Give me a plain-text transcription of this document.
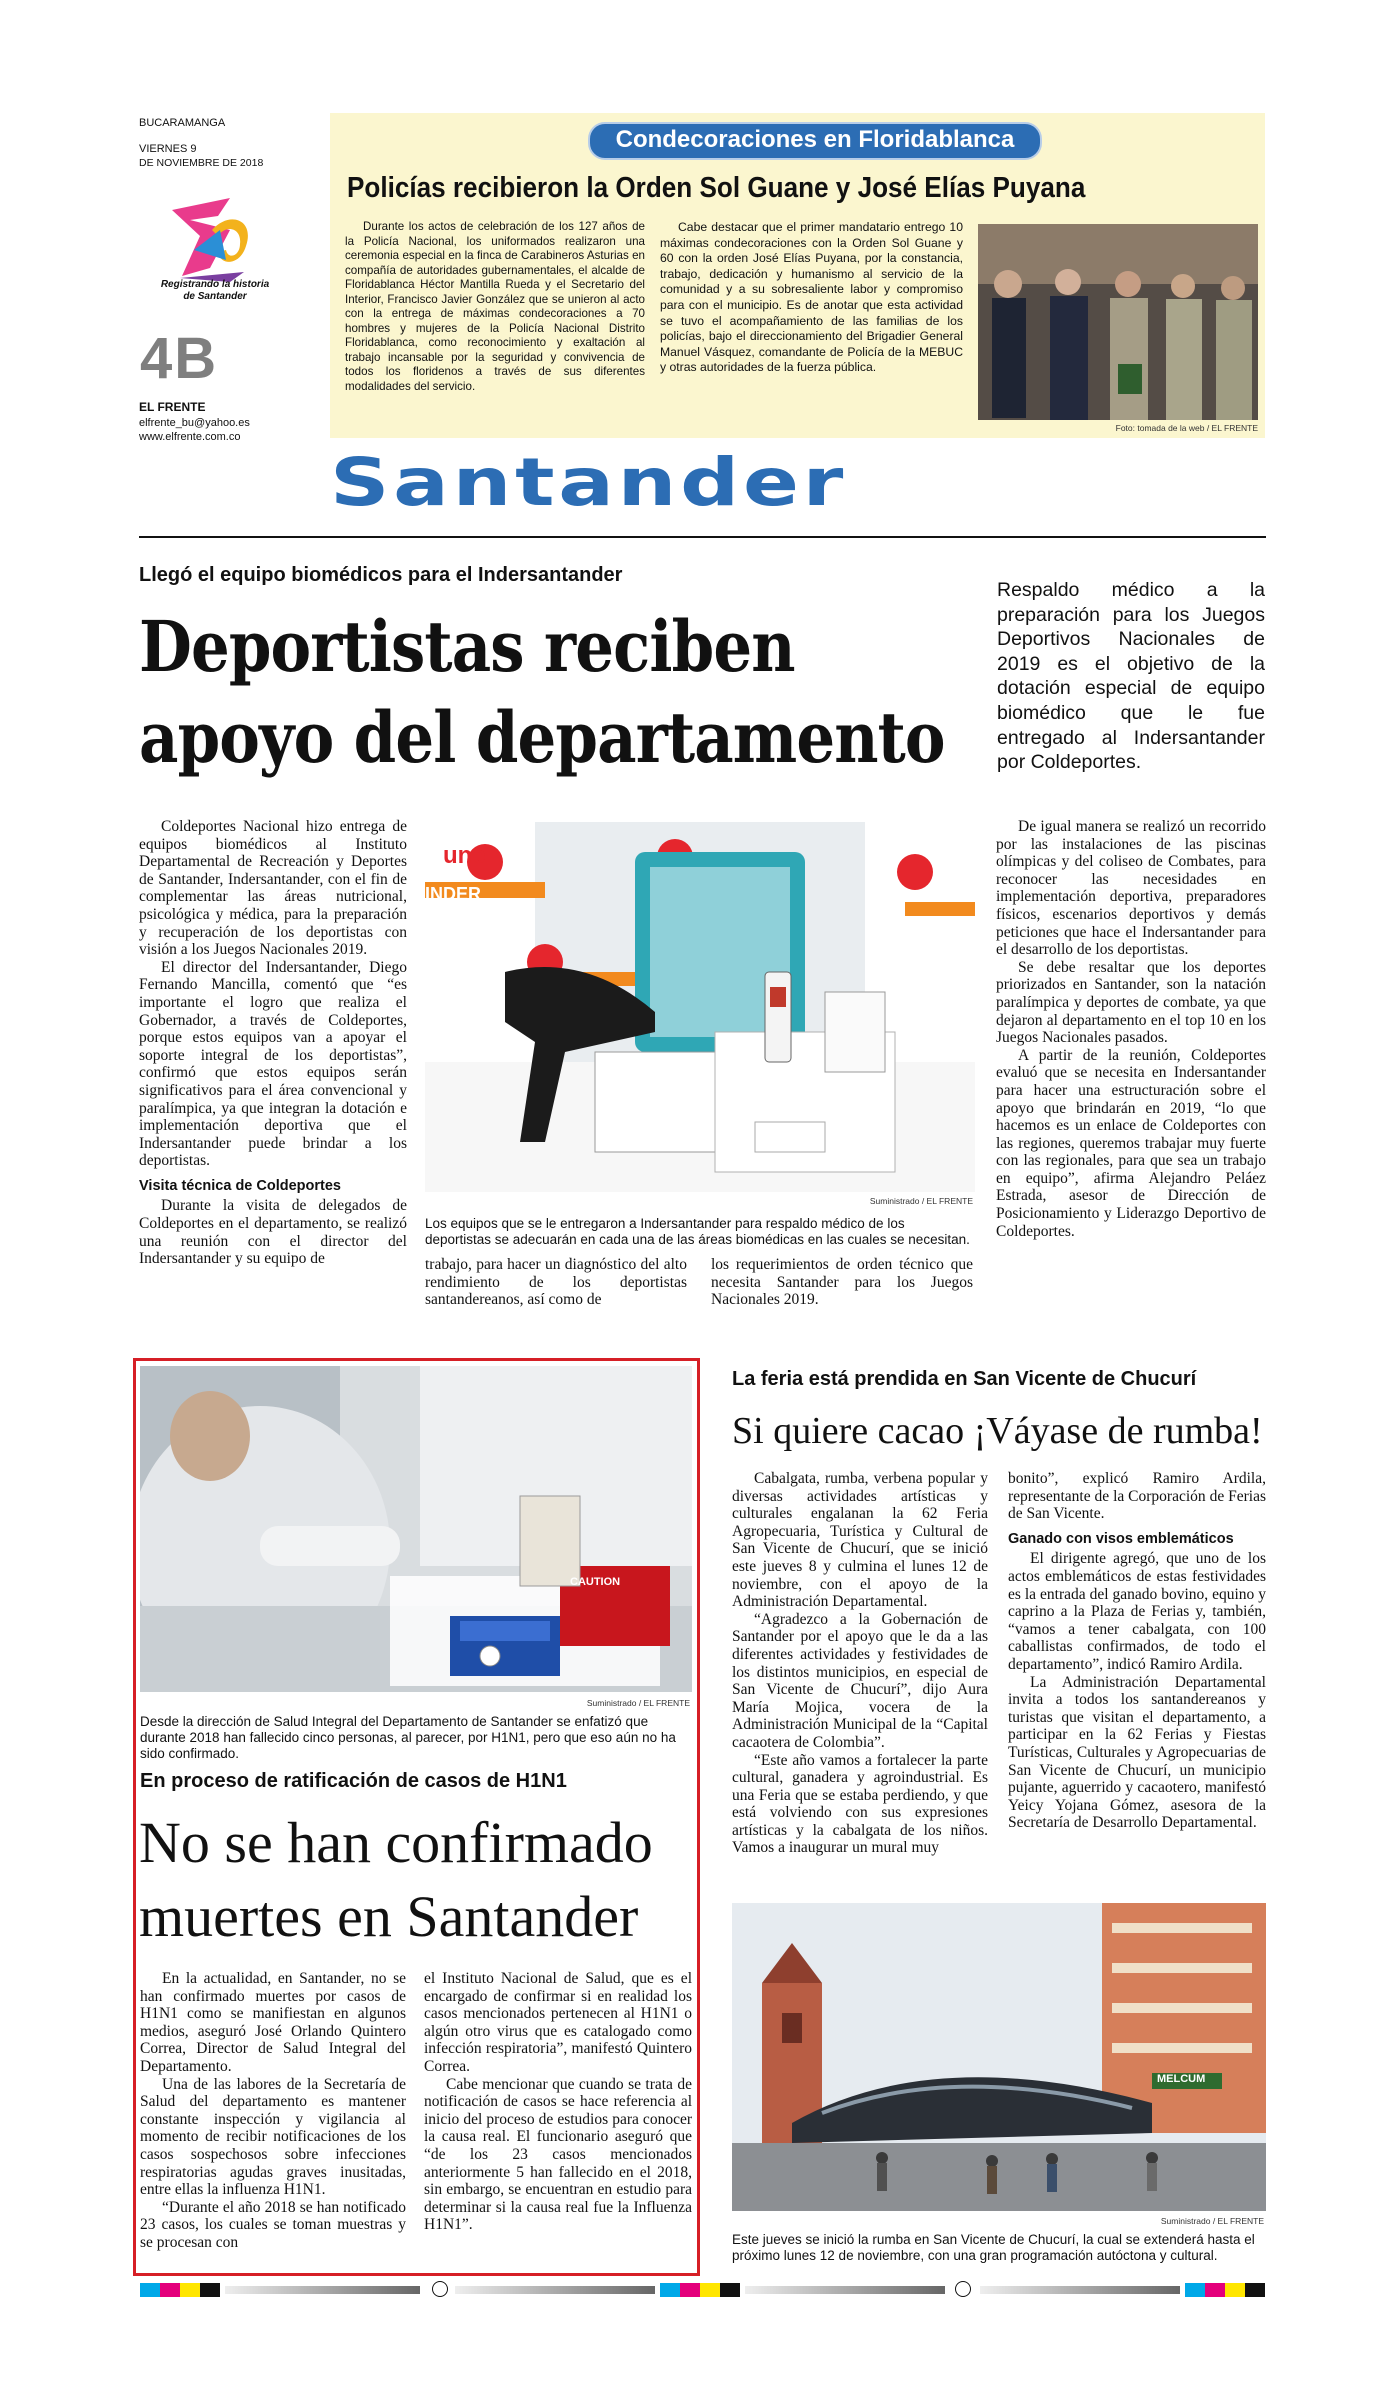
BUCARAMANGA
VIERNES 9
DE NOVIEMBRE DE 2018
Registrando la historia
de Santander
4B
EL FRENTE
elfrente_bu@yahoo.es
www.elfrente.com.co
Condecoraciones en Floridablanca
Policías recibieron la Orden Sol Guane y José Elías Puyana
Durante los actos de celebración de los 127 años de la Policía Nacional, los uniformados realizaron una ceremonia especial en la finca de Carabineros Asturias en compañía de autoridades gubernamentales, el alcalde de Floridablanca Héctor Mantilla Rueda y el Secretario del Interior, Francisco Javier González que se unieron al acto con la entrega de máximas condecoraciones a 70 hombres y mujeres de la Policía Nacional Distrito Floridablanca, como reconocimiento y exaltación al trabajo incansable por la seguridad y convivencia de todos los floridenos a través de sus diferentes modalidades del servicio.
Cabe destacar que el primer mandatario entrego 10 máximas condecoraciones con la Orden Sol Guane y 60 con la orden José Elías Puyana, por la constancia, trabajo, dedicación y humanismo al servicio de la comunidad y a su sobresaliente labor y compromiso para con el municipio. Es de anotar que esta actividad se tuvo el acompañamiento de las familias de los policías, bajo el direccionamiento del Brigadier General Manuel Vásquez, comandante de Policía de la MEBUC y otras autoridades de la fuerza pública.
Foto: tomada de la web / EL FRENTE
Santander
Llegó el equipo biomédicos para el Indersantander
Deportistas reciben
apoyo del departamento
Respaldo médico a la preparación para los Juegos Deportivos Nacionales de 2019 es el objetivo de la dotación especial de equipo biomédico que le fue entregado al Indersantander por Coldeportes.

Coldeportes Nacional hizo entrega de equipos biomédicos al Instituto Departamental de Recreación y Deportes de Santander, Indersantander, con el fin de complementar las áreas nutricional, psicológica y médica, para la preparación y recuperación de los deportistas con visión a los Juegos Nacionales 2019.

El director del Indersantander, Diego Fernando Mancilla, comentó que “es importante el logro que realiza el Gobernador, a través de Coldeportes, porque estos equipos van a apoyar el soporte integral de los deportistas”, confirmó que estos equipos serán significativos para el área convencional y paralímpica, ya que integran la dotación e implementación deportiva que el Indersantander puede brindar a los deportistas.

Visita técnica de Coldeportes

Durante la visita de delegados de Coldeportes en el departamento, se realizó una reunión con el director del Indersantander y su equipo de

une
INDER
Suministrado / EL FRENTE
Los equipos que se le entregaron a Indersantander para respaldo médico de los deportistas se adecuarán en cada una de las áreas biomédicas en las cuales se necesitan.

trabajo, para hacer un diagnóstico del alto rendimiento de los deportistas santandereanos, así como de

los requerimientos de orden técnico que necesita Santander para los Juegos Nacionales 2019.

De igual manera se realizó un recorrido por las instalaciones de las piscinas olímpicas y del coliseo de Combates, para reconocer las necesidades en implementación deportiva, preparadores físicos, escenarios deportivos y demás peticiones que hace el Indersantander para el desarrollo de los deportistas.

Se debe resaltar que los deportes priorizados en Santander, son la natación paralímpica y deportes de combate, ya que dejaron al departamento en el top 10 en los Juegos Nacionales pasados.

A partir de la reunión, Coldeportes evaluó que se necesita en Indersantander para hacer una estructuración sobre el apoyo que brindarán en 2019, “lo que hacemos es un enlace de Coldeportes con las regiones, queremos trabajar muy fuerte con las regionales, para que sea un trabajo en equipo”, afirma Alejandro Peláez Estrada, asesor de Dirección de Posicionamiento y Liderazgo Deportivo de Coldeportes.

CAUTION
Suministrado / EL FRENTE
Desde la dirección de Salud Integral del Departamento de Santander se enfatizó que durante 2018 han fallecido cinco personas, al parecer, por H1N1, pero que eso aún no ha sido confirmado.
En proceso de ratificación de casos de H1N1
No se han confirmado
muertes en Santander

En la actualidad, en Santander, no se han confirmado muertes por casos de H1N1 como se manifiestan en algunos medios, aseguró José Orlando Quintero Correa, Director de Salud Integral del Departamento.

Una de las labores de la Secretaría de Salud del departamento es mantener constante inspección y vigilancia al momento de recibir notificaciones de los casos sospechosos sobre infecciones respiratorias agudas graves inusitadas, entre ellas la influenza H1N1.

“Durante el año 2018 se han notificado 23 casos, los cuales se toman muestras y se procesan con

el Instituto Nacional de Salud, que es el encargado de confirmar si en realidad los casos mencionados pertenecen al H1N1 o algún otro virus que es catalogado como infección respiratoria”, manifestó Quintero Correa.

Cabe mencionar que cuando se trata de notificación de casos se hace referencia al inicio del proceso de estudios para conocer la causa real. El funcionario aseguró que “de los 23 casos mencionados anteriormente 5 han fallecido en el 2018, sin embargo, se encuentran en estudio para determinar si la causa real fue la Influenza H1N1”.

La feria está prendida en San Vicente de Chucurí
Si quiere cacao ¡Váyase de rumba!

Cabalgata, rumba, verbena popular y diversas actividades artísticas y culturales engalanan la 62 Feria Agropecuaria, Turística y Cultural de San Vicente de Chucurí, que se inició este jueves 8 y culmina el lunes 12 de noviembre, con el apoyo de la Administración Departamental.

“Agradezco a la Gobernación de Santander por el apoyo que le da a las diferentes actividades y festividades de los distintos municipios, en especial de San Vicente de Chucurí”, dijo Aura María Mojica, vocera de la Administración Municipal de la “Capital cacaotera de Colombia”.

“Este año vamos a fortalecer la parte cultural, ganadera y agroindustrial. Es una Feria que se estaba perdiendo, y que está volviendo con sus expresiones artísticas y la cabalgata de los niños. Vamos a inaugurar un mural muy

bonito”, explicó Ramiro Ardila, representante de la Corporación de Ferias de San Vicente.

Ganado con visos emblemáticos

El dirigente agregó, que uno de los actos emblemáticos de estas festividades es la entrada del ganado bovino, equino y caprino a la Plaza de Ferias y, también, “vamos a tener cabalgata, con 100 caballistas confirmados, de todo el departamento”, indicó Ramiro Ardila.

La Administración Departamental invita a todos los santandereanos y turistas que visitan el departamento, a participar en la 62 Ferias y Fiestas Turísticas, Culturales y Agropecuarias de San Vicente de Chucurí, un municipio pujante, aguerrido y cacaotero, manifestó Yeicy Yojana Gómez, asesora de la Secretaría de Desarrollo Departamental.

MELCUM
Suministrado / EL FRENTE
Este jueves se inició la rumba en San Vicente de Chucurí, la cual se extenderá hasta el próximo lunes 12 de noviembre, con una gran programación autóctona y cultural.
